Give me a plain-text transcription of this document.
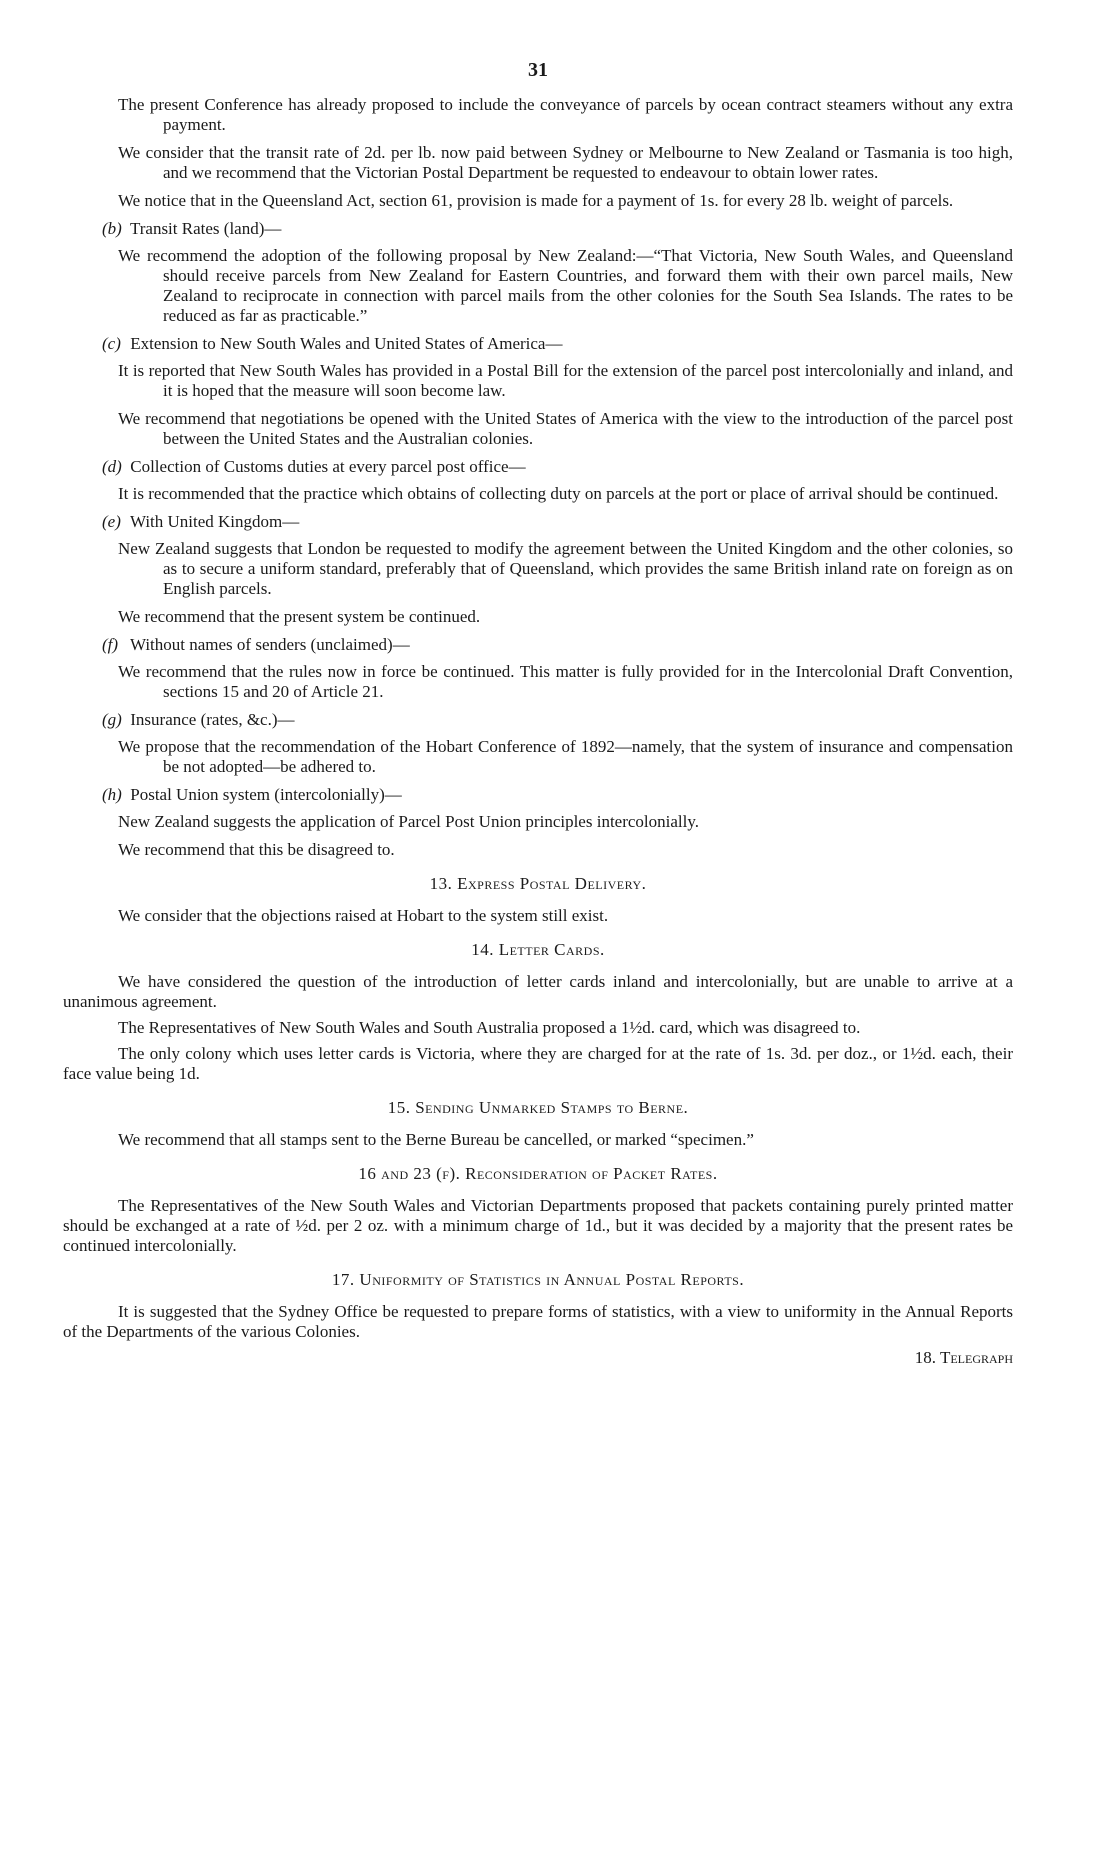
31
The present Conference has already proposed to include the conveyance of parcels by ocean contract steamers without any extra payment.
We consider that the transit rate of 2d. per lb. now paid between Sydney or Melbourne to New Zealand or Tasmania is too high, and we recommend that the Victorian Postal Department be requested to endeavour to obtain lower rates.
We notice that in the Queensland Act, section 61, provision is made for a payment of 1s. for every 28 lb. weight of parcels.
(b) Transit Rates (land)—
We recommend the adoption of the following proposal by New Zealand:—“That Victoria, New South Wales, and Queensland should receive parcels from New Zealand for Eastern Countries, and forward them with their own parcel mails, New Zealand to reciprocate in connection with parcel mails from the other colonies for the South Sea Islands. The rates to be reduced as far as practicable.”
(c) Extension to New South Wales and United States of America—
It is reported that New South Wales has provided in a Postal Bill for the extension of the parcel post intercolonially and inland, and it is hoped that the measure will soon become law.
We recommend that negotiations be opened with the United States of America with the view to the introduction of the parcel post between the United States and the Australian colonies.
(d) Collection of Customs duties at every parcel post office—
It is recommended that the practice which obtains of collecting duty on parcels at the port or place of arrival should be continued.
(e) With United Kingdom—
New Zealand suggests that London be requested to modify the agreement between the United Kingdom and the other colonies, so as to secure a uniform standard, preferably that of Queensland, which provides the same British inland rate on foreign as on English parcels.
We recommend that the present system be continued.
(f) Without names of senders (unclaimed)—
We recommend that the rules now in force be continued. This matter is fully provided for in the Intercolonial Draft Convention, sections 15 and 20 of Article 21.
(g) Insurance (rates, &c.)—
We propose that the recommendation of the Hobart Conference of 1892—namely, that the system of insurance and compensation be not adopted—be adhered to.
(h) Postal Union system (intercolonially)—
New Zealand suggests the application of Parcel Post Union principles intercolonially.
We recommend that this be disagreed to.
13. Express Postal Delivery.
We consider that the objections raised at Hobart to the system still exist.
14. Letter Cards.
We have considered the question of the introduction of letter cards inland and intercolonially, but are unable to arrive at a unanimous agreement.
The Representatives of New South Wales and South Australia proposed a 1½d. card, which was disagreed to.
The only colony which uses letter cards is Victoria, where they are charged for at the rate of 1s. 3d. per doz., or 1½d. each, their face value being 1d.
15. Sending Unmarked Stamps to Berne.
We recommend that all stamps sent to the Berne Bureau be cancelled, or marked “specimen.”
16 and 23 (f). Reconsideration of Packet Rates.
The Representatives of the New South Wales and Victorian Departments proposed that packets containing purely printed matter should be exchanged at a rate of ½d. per 2 oz. with a minimum charge of 1d., but it was decided by a majority that the present rates be continued intercolonially.
17. Uniformity of Statistics in Annual Postal Reports.
It is suggested that the Sydney Office be requested to prepare forms of statistics, with a view to uniformity in the Annual Reports of the Departments of the various Colonies.
18. Telegraph
